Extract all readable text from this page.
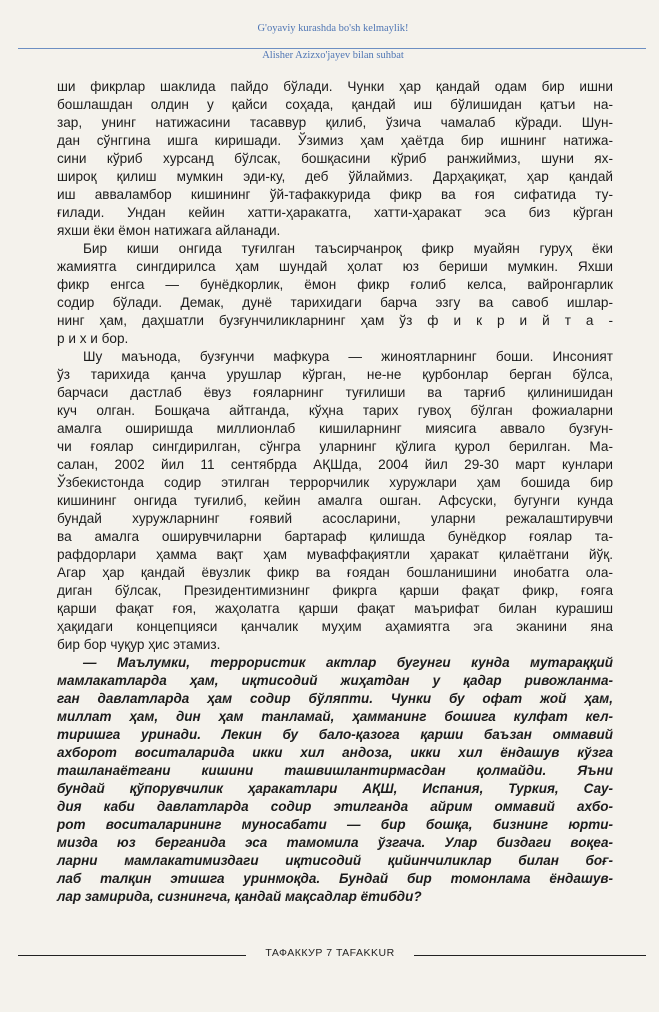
G'oyaviy kurashda bo'sh kelmaylik!
Alisher Azizxo'jayev bilan suhbat
ши фикрлар шаклида пайдо бўлади. Чунки ҳар қандай одам бир ишни
бошлашдан олдин у қайси соҳада, қандай иш бўлишидан қатъи на-
зар, унинг натижасини тасаввур қилиб, ўзича чамалаб кўради. Шун-
дан сўнггина ишга киришади. Ўзимиз ҳам ҳаётда бир ишнинг натижа-
сини кўриб хурсанд бўлсак, бошқасини кўриб ранжиймиз, шуни ях-
широқ қилиш мумкин эди-ку, деб ўйлаймиз. Дарҳақиқат, ҳар қандай
иш авваламбор кишининг ўй-тафаккурида фикр ва ғоя сифатида ту-
ғилади. Ундан кейин хатти-ҳаракатга, хатти-ҳаракат эса биз кўрган
яхши ёки ёмон натижага айланади.
Бир киши онгида туғилган таъсирчанроқ фикр муайян гуруҳ ёки
жамиятга сингдирилса ҳам шундай ҳолат юз бериши мумкин. Яхши
фикр енгса — бунёдкорлик, ёмон фикр ғолиб келса, вайронгарлик
содир бўлади. Демак, дунё тарихидаги барча эзгу ва савоб ишлар-
нинг ҳам, даҳшатли бузғунчиликларнинг ҳам ўз ф и к р и й т а -
р и х и бор.
Шу маънода, бузғунчи мафкура — жиноятларнинг боши. Инсоният
ўз тарихида қанча урушлар кўрган, не-не қурбонлар берган бўлса,
барчаси дастлаб ёвуз ғояларнинг туғилиши ва тарғиб қилинишидан
куч олган. Бошқача айтганда, кўҳна тарих гувоҳ бўлган фожиаларни
амалга оширишда миллионлаб кишиларнинг миясига аввало бузғун-
чи ғоялар сингдирилган, сўнгра уларнинг қўлига қурол берилган. Ма-
салан, 2002 йил 11 сентябрда АҚШда, 2004 йил 29-30 март кунлари
Ўзбекистонда содир этилган террорчилик хуружлари ҳам бошида бир
кишининг онгида туғилиб, кейин амалга ошган. Афсуски, бугунги кунда
бундай хуружларнинг ғоявий асосларини, уларни режалаштирувчи
ва амалга оширувчиларни бартараф қилишда бунёдкор ғоялар та-
рафдорлари ҳамма вақт ҳам муваффақиятли ҳаракат қилаётгани йўқ.
Агар ҳар қандай ёвузлик фикр ва ғоядан бошланишини инобатга ола-
диган бўлсак, Президентимизнинг фикрга қарши фақат фикр, ғояга
қарши фақат ғоя, жаҳолатга қарши фақат маърифат билан курашиш
ҳақидаги концепцияси қанчалик муҳим аҳамиятга эга эканини яна
бир бор чуқур ҳис этамиз.
— Маълумки, террористик актлар бугунги кунда мутараққий
мамлакатларда ҳам, иқтисодий жиҳатдан у қадар ривожланма-
ган давлатларда ҳам содир бўляпти. Чунки бу офат жой ҳам,
миллат ҳам, дин ҳам танламай, ҳамманинг бошига кулфат кел-
тиришга уринади. Лекин бу бало-қазога қарши баъзан оммавий
ахборот воситаларида икки хил андоза, икки хил ёндашув кўзга
ташланаётгани кишини ташвишлантирмасдан қолмайди. Яъни
бундай қўпорувчилик ҳаракатлари АҚШ, Испания, Туркия, Сау-
дия каби давлатларда содир этилганда айрим оммавий ахбо-
рот воситаларининг муносабати — бир бошқа, бизнинг юрти-
мизда юз берганида эса тамомила ўзгача. Улар биздаги воқеа-
ларни мамлакатимиздаги иқтисодий қийинчиликлар билан боғ-
лаб талқин этишга уринмоқда. Бундай бир томонлама ёндашув-
лар замирида, сизнингча, қандай мақсадлар ётибди?
ТАФАККУР 7 TAFAKKUR
